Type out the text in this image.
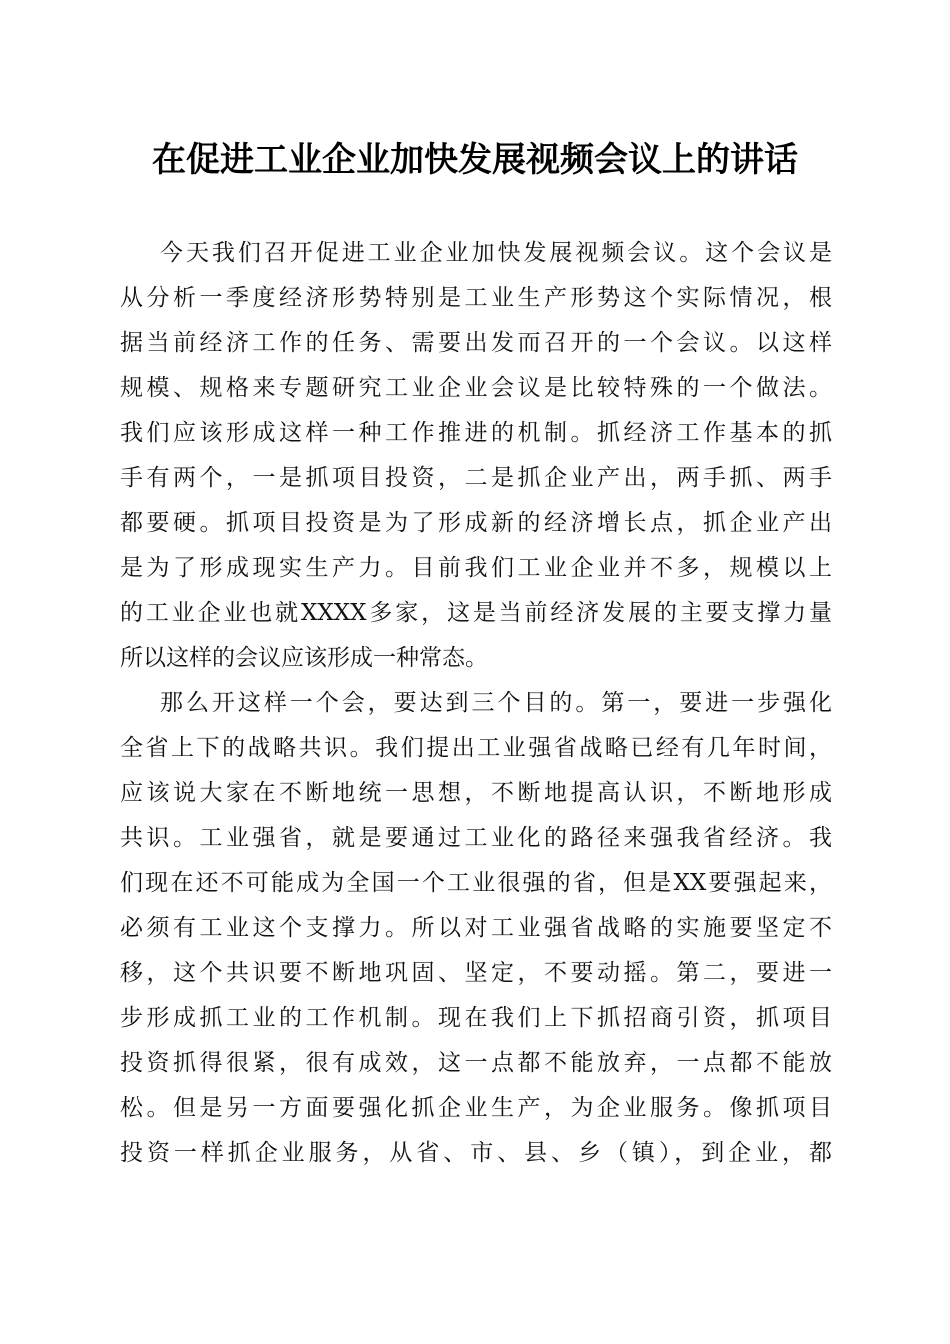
在促进工业企业加快发展视频会议上的讲话
今天我们召开促进工业企业加快发展视频会议。这个会议是
从分析一季度经济形势特别是工业生产形势这个实际情况，根
据当前经济工作的任务、需要出发而召开的一个会议。以这样
规模、规格来专题研究工业企业会议是比较特殊的一个做法。
我们应该形成这样一种工作推进的机制。抓经济工作基本的抓
手有两个，一是抓项目投资，二是抓企业产出，两手抓、两手
都要硬。抓项目投资是为了形成新的经济增长点，抓企业产出
是为了形成现实生产力。目前我们工业企业并不多，规模以上
的工业企业也就XXXX多家，这是当前经济发展的主要支撑力量
所以这样的会议应该形成一种常态。
那么开这样一个会，要达到三个目的。第一，要进一步强化
全省上下的战略共识。我们提出工业强省战略已经有几年时间，
应该说大家在不断地统一思想，不断地提高认识，不断地形成
共识。工业强省，就是要通过工业化的路径来强我省经济。我
们现在还不可能成为全国一个工业很强的省，但是XX要强起来，
必须有工业这个支撑力。所以对工业强省战略的实施要坚定不
移，这个共识要不断地巩固、坚定，不要动摇。第二，要进一
步形成抓工业的工作机制。现在我们上下抓招商引资，抓项目
投资抓得很紧，很有成效，这一点都不能放弃，一点都不能放
松。但是另一方面要强化抓企业生产，为企业服务。像抓项目
投资一样抓企业服务，从省、市、县、乡（镇），到企业，都
